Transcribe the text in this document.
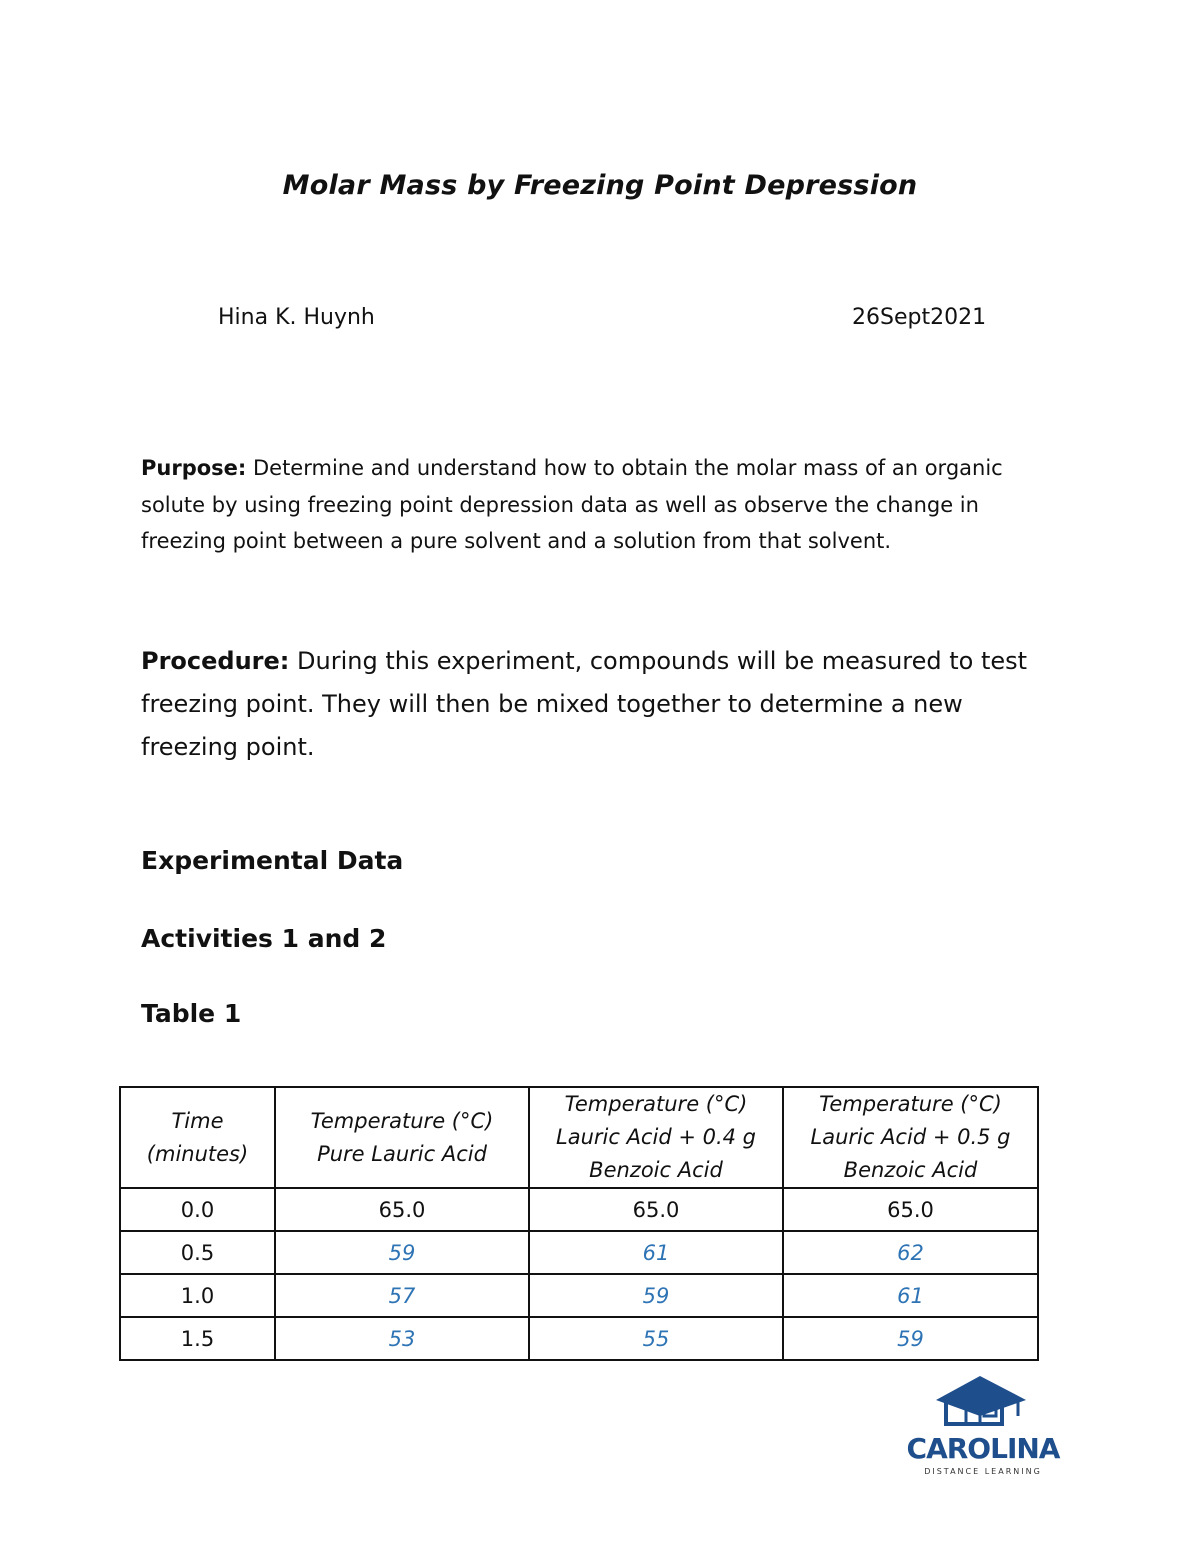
Molar Mass by Freezing Point Depression
Hina K. Huynh	26Sept2021

Purpose: Determine and understand how to obtain the molar mass of an organic solute by using freezing point depression data as well as observe the change in freezing point between a pure solvent and a solution from that solvent.

Procedure: During this experiment, compounds will be measured to test freezing point. They will then be mixed together to determine a new freezing point.

Experimental Data
Activities 1 and 2
Table 1
Time (minutes)	Temperature (°C) Pure Lauric Acid	Temperature (°C) Lauric Acid + 0.4 g Benzoic Acid	Temperature (°C) Lauric Acid + 0.5 g Benzoic Acid
0.0	65.0	65.0	65.0
0.5	59	61	62
1.0	57	59	61
1.5	53	55	59
CAROLINA
DISTANCE LEARNING
